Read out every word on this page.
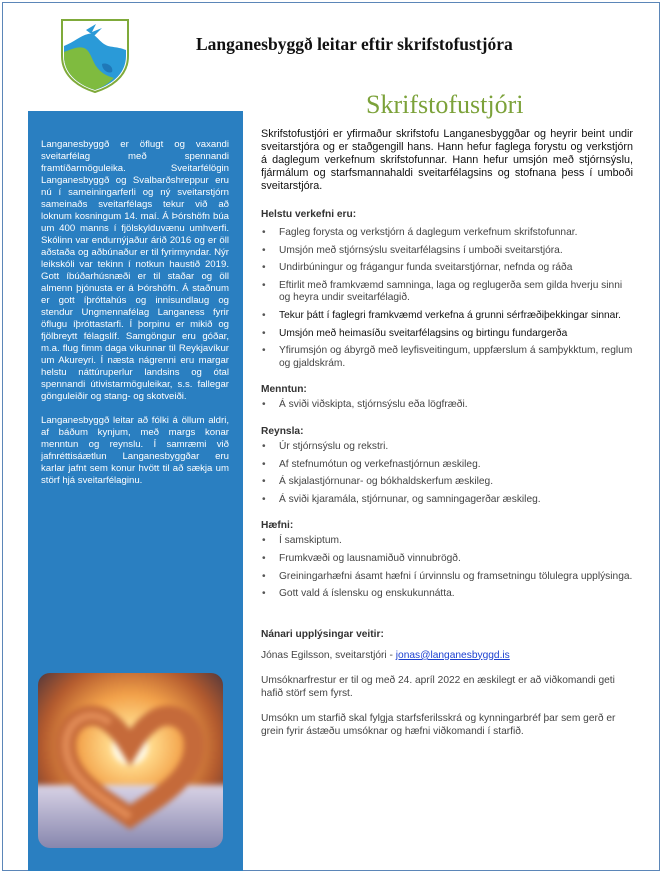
Langanesbyggð leitar eftir skrifstofustjóra

Langanesbyggð er öflugt og vaxandi sveitarfélag með spennandi framtíðarmöguleika. Sveitarfélögin Langanesbyggð og Svalbarðshreppur eru nú í sameiningarferli og ný sveitarstjórn sameinaðs sveitarfélags tekur við að loknum kosningum 14. maí. Á Þórshöfn búa um 400 manns í fjölskylduvænu umhverfi. Skólinn var endurnýjaður árið 2016 og er öll aðstaða og aðbúnaður er til fyrirmyndar. Nýr leikskóli var tekinn í notkun haustið 2019. Gott íbúðarhúsnæði er til staðar og öll almenn þjónusta er á Þórshöfn. Á staðnum er gott íþróttahús og innisundlaug og stendur Ungmennafélag Langaness fyrir öflugu íþróttastarfi. Í þorpinu er mikið og fjölbreytt félagslíf. Samgöngur eru góðar, m.a. flug fimm daga vikunnar til Reykjavíkur um Akureyri. Í næsta nágrenni eru margar helstu náttúruperlur landsins og ótal spennandi útivistarmöguleikar, s.s. fallegar gönguleiðir og stang- og skotveiði.

Langanesbyggð leitar að fólki á öllum aldri, af báðum kynjum, með margs konar menntun og reynslu. Í samræmi við jafnréttisáætlun Langanesbyggðar eru karlar jafnt sem konur hvött til að sækja um störf hjá sveitarfélaginu.

Skrifstofustjóri

Skrifstofustjóri er yfirmaður skrifstofu Langanesbyggðar og heyrir beint undir sveitarstjóra og er staðgengill hans. Hann hefur faglega forystu og verkstjórn á daglegum verkefnum skrifstofunnar. Hann hefur umsjón með stjórnsýslu, fjármálum og starfsmannahaldi sveitarfélagsins og stofnana þess í umboði sveitarstjóra.

Helstu verkefni eru:
• Fagleg forysta og verkstjórn á daglegum verkefnum skrifstofunnar.
• Umsjón með stjórnsýslu sveitarfélagsins í umboði sveitarstjóra.
• Undirbúningur og frágangur funda sveitarstjórnar, nefnda og ráða
• Eftirlit með framkvæmd samninga, laga og reglugerða sem gilda hverju sinni og heyra undir sveitarfélagið.
• Tekur þátt í faglegri framkvæmd verkefna á grunni sérfræðiþekkingar sinnar.
• Umsjón með heimasíðu sveitarfélagsins og birtingu fundargerða
• Yfirumsjón og ábyrgð með leyfisveitingum, uppfærslum á samþykktum, reglum og gjaldskrám.
Menntun:
• Á sviði viðskipta, stjórnsýslu eða lögfræði.
Reynsla:
• Úr stjórnsýslu og rekstri.
• Af stefnumótun og verkefnastjórnun æskileg.
• Á skjalastjórnunar- og bókhaldskerfum æskileg.
• Á sviði kjaramála, stjórnunar, og samningagerðar æskileg.
Hæfni:
• Í samskiptum.
• Frumkvæði og lausnamiðuð vinnubrögð.
• Greiningarhæfni ásamt hæfni í úrvinnslu og framsetningu tölulegra upplýsinga.
• Gott vald á íslensku og enskukunnátta.
Nánari upplýsingar veitir:

Jónas Egilsson, sveitarstjóri - jonas@langanesbyggd.is

Umsóknarfrestur er til og með 24. apríl 2022 en æskilegt er að viðkomandi geti hafið störf sem fyrst.

Umsókn um starfið skal fylgja starfsferilsskrá og kynningarbréf þar sem gerð er grein fyrir ástæðu umsóknar og hæfni viðkomandi í starfið.
